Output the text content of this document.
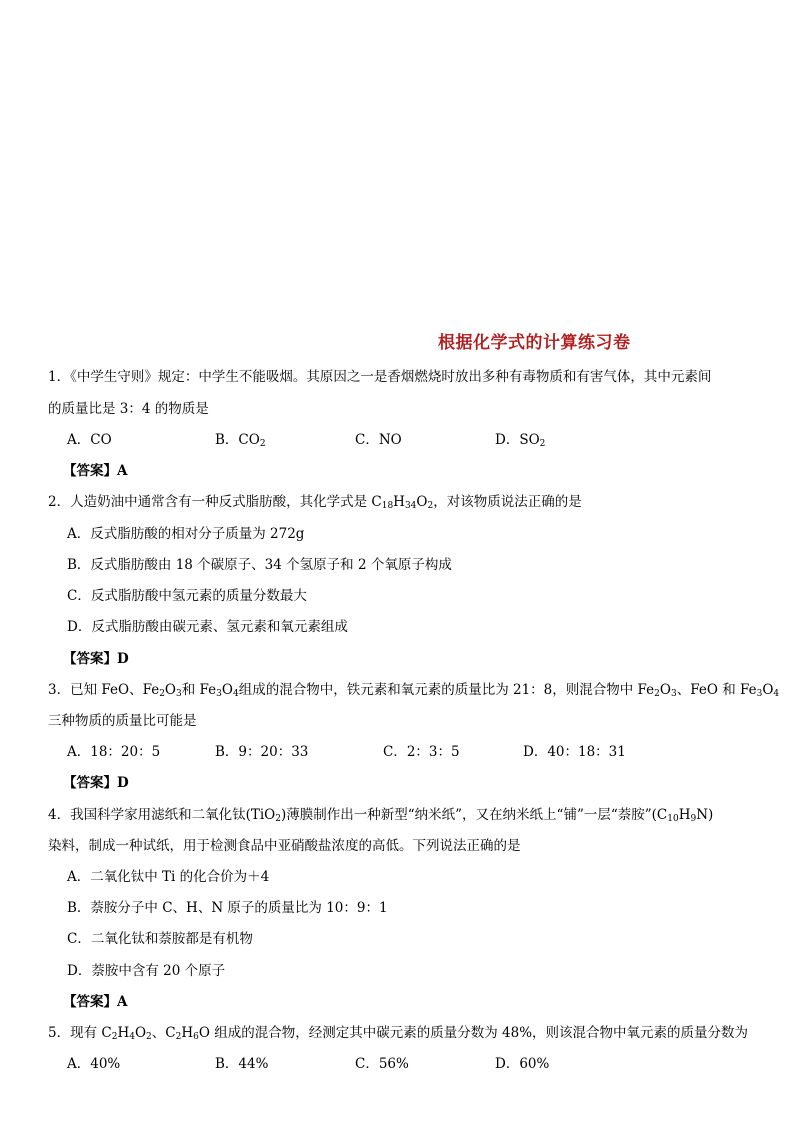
根据化学式的计算练习卷
1．《中学生守则》规定：中学生不能吸烟。其原因之一是香烟燃烧时放出多种有毒物质和有害气体，其中元素间
的质量比是 3：4 的物质是
A．CO	B．$CO_2$	C．NO	D．$SO_2$
【答案】A
2．人造奶油中通常含有一种反式脂肪酸，其化学式是 $C_{18}H_{34}O_2$，对该物质说法正确的是
A．反式脂肪酸的相对分子质量为 272g
B．反式脂肪酸由 18 个碳原子、34 个氢原子和 2 个氧原子构成
C．反式脂肪酸中氢元素的质量分数最大
D．反式脂肪酸由碳元素、氢元素和氧元素组成
【答案】D
3．已知 FeO、$Fe_2O_3$和 $Fe_3O_4$组成的混合物中，铁元素和氧元素的质量比为 21：8，则混合物中 $Fe_2O_3$、FeO 和 $Fe_3O_4$
三种物质的质量比可能是
A．18：20：5	B．9：20：33	C．2：3：5	D．40：18：31
【答案】D
4．我国科学家用滤纸和二氧化钛(TiO$_2$)薄膜制作出一种新型“纳米纸”，又在纳米纸上“铺”一层“萘胺$”(C_{10}H_9N)$
染料，制成一种试纸，用于检测食品中亚硝酸盐浓度的高低。下列说法正确的是
A．二氧化钛中 Ti 的化合价为＋4
B．萘胺分子中 C、H、N 原子的质量比为 10：9：1
C．二氧化钛和萘胺都是有机物
D．萘胺中含有 20 个原子
【答案】A
5．现有 $C_2H_4O_2$、$C_2H_6O$ 组成的混合物，经测定其中碳元素的质量分数为 48%，则该混合物中氧元素的质量分数为
A．40%	B．44%	C．56%	D．60%
